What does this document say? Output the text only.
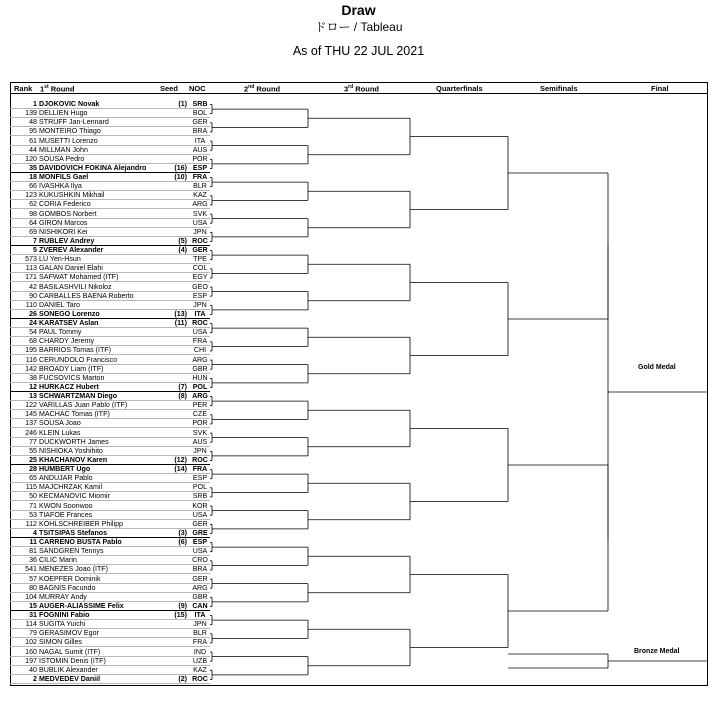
Draw
ドロー / Tableau
As of THU 22 JUL 2021
Rank 1st Round	Seed NOC	2nd Round	3rd Round	Quarterfinals	Semifinals	Final
1 DJOKOVIC Novak	(1) SRB
139 DELLIEN Hugo	BOL
48 STRUFF Jan-Lennard	GER
95 MONTEIRO Thiago	BRA
61 MUSETTI Lorenzo	ITA
44 MILLMAN John	AUS
120 SOUSA Pedro	POR
35 DAVIDOVICH FOKINA Alejandro	(16) ESP
18 MONFILS Gael	(10) FRA
66 IVASHKA Ilya	BLR
123 KUKUSHKIN Mikhail	KAZ
62 CORIA Federico	ARG
98 GOMBOS Norbert	SVK
64 GIRON Marcos	USA
69 NISHIKORI Kei	JPN
7 RUBLEV Andrey	(5) ROC
5 ZVEREV Alexander	(4) GER
573 LU Yen-Hsun	TPE
113 GALAN Daniel Elahi	COL
171 SAFWAT Mohamed (ITF)	EGY
42 BASILASHVILI Nikoloz	GEO
90 CARBALLES BAENA Roberto	ESP
110 DANIEL Taro	JPN
26 SONEGO Lorenzo	(13)	ITA
24 KARATSEV Aslan	(11) ROC
54 PAUL Tommy	USA
68 CHARDY Jeremy	FRA
195 BARRIOS Tomas (ITF)	CHI
116 CERUNDOLO Francisco	ARG
142 BROADY Liam (ITF)	GBR
38 FUCSOVICS Marton	HUN
12 HURKACZ Hubert	(7) POL
13 SCHWARTZMAN Diego	(8) ARG
122 VARILLAS Juan Pablo (ITF)	PER
145 MACHAC Tomas (ITF)	CZE
137 SOUSA Joao	POR
246 KLEIN Lukas	SVK
77 DUCKWORTH James	AUS
55 NISHIOKA Yoshihito	JPN
25 KHACHANOV Karen	(12) ROC
28 HUMBERT Ugo	(14) FRA
65 ANDUJAR Pablo	ESP
115 MAJCHRZAK Kamil	POL
50 KECMANOVIC Miomir	SRB
71 KWON Soonwoo	KOR
53 TIAFOE Frances	USA
112 KOHLSCHREIBER Philipp	GER
4 TSITSIPAS Stefanos	(3) GRE
11 CARRENO BUSTA Pablo	(6) ESP
81 SANDGREN Tennys	USA
36 CILIC Marin	CRO
541 MENEZES Joao (ITF)	BRA
57 KOEPFER Dominik	GER
80 BAGNIS Facundo	ARG
104 MURRAY Andy	GBR
15 AUGER-ALIASSIME Felix	(9) CAN
31 FOGNINI Fabio	(15)	ITA
114 SUGITA Yuichi	JPN
79 GERASIMOV Egor	BLR
102 SIMON Gilles	FRA
160 NAGAL Sumit (ITF)	IND
197 ISTOMIN Denis (ITF)	UZB
40 BUBLIK Alexander	KAZ
2 MEDVEDEV Daniil	(2) ROC
Gold Medal
Bronze Medal
